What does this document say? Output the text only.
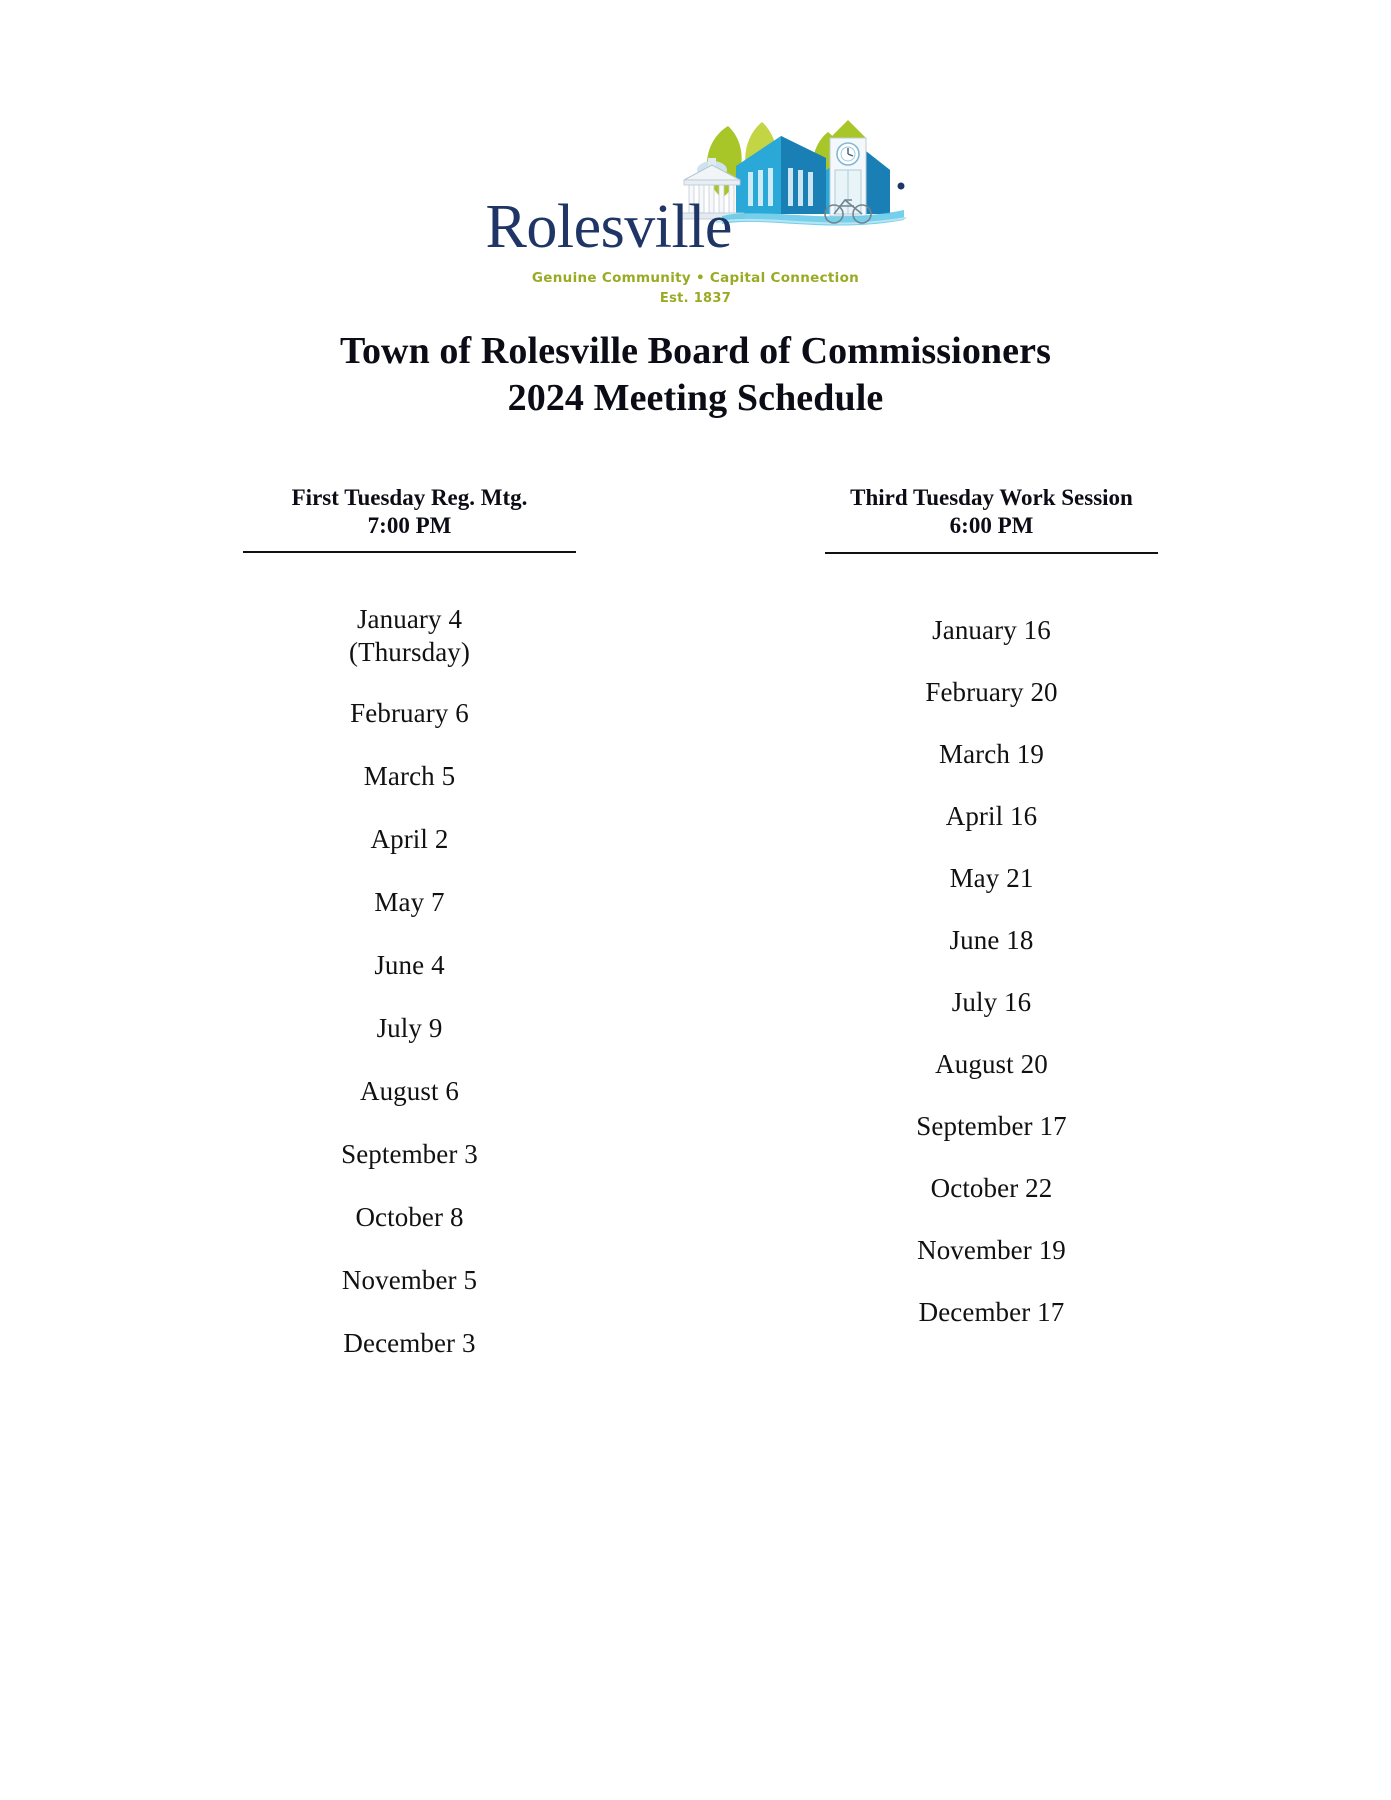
Rolesville
Genuine Community • Capital Connection
Est. 1837
Town of Rolesville Board of Commissioners
2024 Meeting Schedule
First Tuesday Reg. Mtg.
7:00 PM
January 4
(Thursday)
February 6
March 5
April 2
May 7
June 4
July 9
August 6
September 3
October 8
November 5
December 3
Third Tuesday Work Session
6:00 PM
January 16
February 20
March 19
April 16
May 21
June 18
July 16
August 20
September 17
October 22
November 19
December 17
